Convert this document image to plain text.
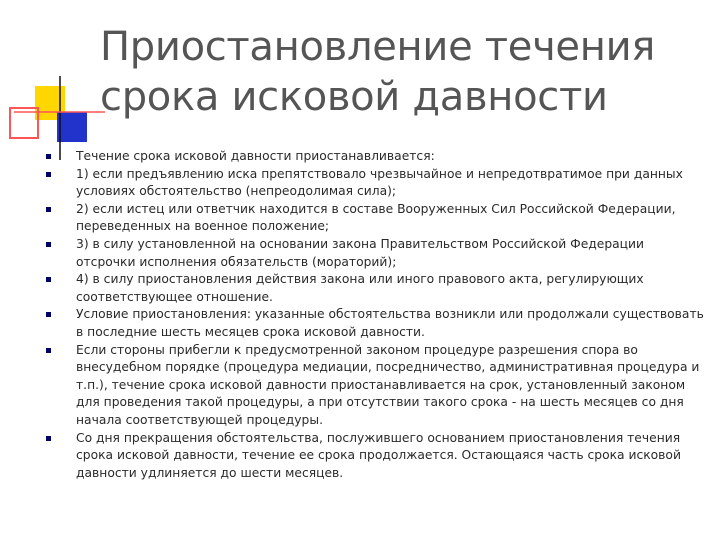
Приостановление течения
срока исковой давности
Течение срока исковой давности приостанавливается:
1) если предъявлению иска препятствовало чрезвычайное и непредотвратимое при данных условиях обстоятельство (непреодолимая сила);
2) если истец или ответчик находится в составе Вооруженных Сил Российской Федерации, переведенных на военное положение;
3) в силу установленной на основании закона Правительством Российской Федерации отсрочки исполнения обязательств (мораторий);
4) в силу приостановления действия закона или иного правового акта, регулирующих соответствующее отношение.
Условие приостановления: указанные обстоятельства возникли или продолжали существовать в последние шесть месяцев срока исковой давности.
Если стороны прибегли к предусмотренной законом процедуре разрешения спора во внесудебном порядке (процедура медиации, посредничество, административная процедура и т.п.), течение срока исковой давности приостанавливается на срок, установленный законом для проведения такой процедуры, а при отсутствии такого срока - на шесть месяцев со дня начала соответствующей процедуры.
Со дня прекращения обстоятельства, послужившего основанием приостановления течения срока исковой давности, течение ее срока продолжается. Остающаяся часть срока исковой давности удлиняется до шести месяцев.
